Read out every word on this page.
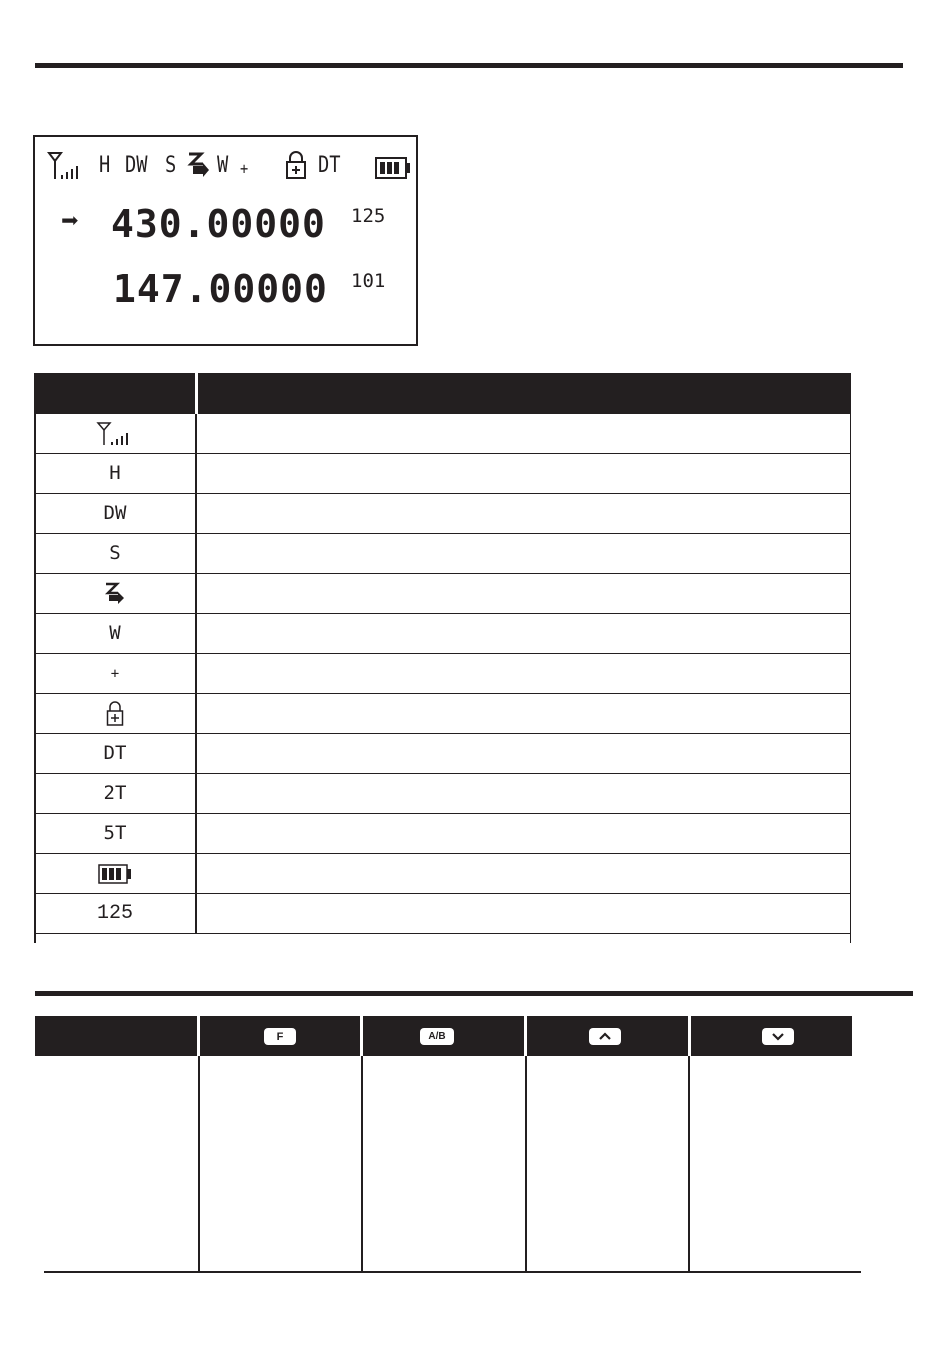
H DW S W +	DT
➡ 430.00000 125
147.00000 101
H
DW
S
W
+
DT
2T
5T
125
F	A/B
